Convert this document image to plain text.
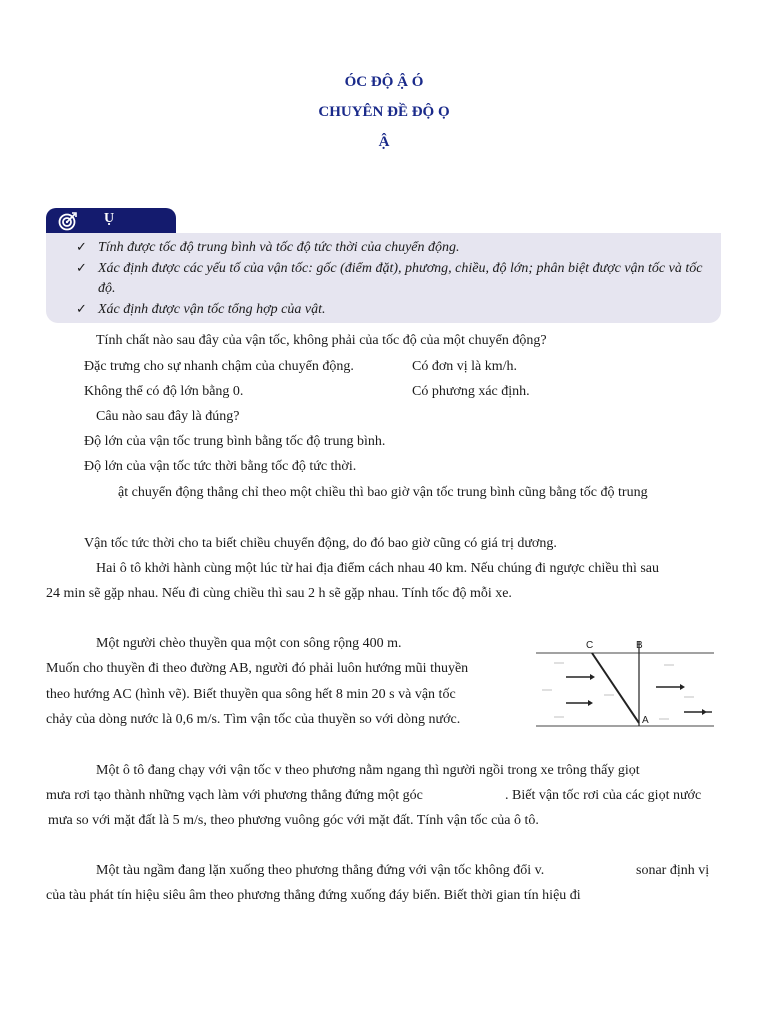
ÓC ĐỘ Ậ Ó
CHUYÊN ĐỀ ĐỘ Ọ
Ậ
Ụ
✓ Tính được tốc độ trung bình và tốc độ tức thời của chuyển động.
✓ Xác định được các yếu tố của vận tốc: gốc (điểm đặt), phương, chiều, độ lớn; phân biệt được vận tốc và tốc độ.
✓ Xác định được vận tốc tổng hợp của vật.
Tính chất nào sau đây của vận tốc, không phải của tốc độ của một chuyển động?
Đặc trưng cho sự nhanh chậm của chuyển động.	Có đơn vị là km/h.
Không thể có độ lớn bằng 0.	Có phương xác định.
Câu nào sau đây là đúng?
Độ lớn của vận tốc trung bình bằng tốc độ trung bình.
Độ lớn của vận tốc tức thời bằng tốc độ tức thời.
ật chuyển động thẳng chỉ theo một chiều thì bao giờ vận tốc trung bình cũng bằng tốc độ trung
Vận tốc tức thời cho ta biết chiều chuyển động, do đó bao giờ cũng có giá trị dương.
Hai ô tô khởi hành cùng một lúc từ hai địa điểm cách nhau 40 km. Nếu chúng đi ngược chiều thì sau
24 min sẽ gặp nhau. Nếu đi cùng chiều thì sau 2 h sẽ gặp nhau. Tính tốc độ mỗi xe.
Một người chèo thuyền qua một con sông rộng 400 m.
Muốn cho thuyền đi theo đường AB, người đó phải luôn hướng mũi thuyền
theo hướng AC (hình vẽ). Biết thuyền qua sông hết 8 min 20 s và vận tốc
chảy của dòng nước là 0,6 m/s. Tìm vận tốc của thuyền so với dòng nước.
C	B
A
Một ô tô đang chạy với vận tốc v theo phương nằm ngang thì người ngồi trong xe trông thấy giọt
mưa rơi tạo thành những vạch làm với phương thẳng đứng một góc	. Biết vận tốc rơi của các giọt nước
mưa so với mặt đất là 5 m/s, theo phương vuông góc với mặt đất. Tính vận tốc của ô tô.
Một tàu ngầm đang lặn xuống theo phương thẳng đứng với vận tốc không đổi v.	sonar định vị
của tàu phát tín hiệu siêu âm theo phương thẳng đứng xuống đáy biển. Biết thời gian tín hiệu đi
